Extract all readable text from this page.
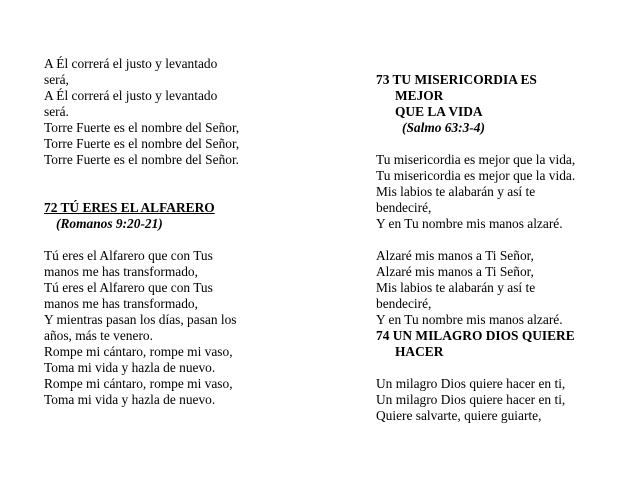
A Él correrá el justo y levantado
será,
A Él correrá el justo y levantado
será.
Torre Fuerte es el nombre del Señor,
Torre Fuerte es el nombre del Señor,
Torre Fuerte es el nombre del Señor.
72 TÚ ERES EL ALFARERO
(Romanos 9:20-21)
Tú eres el Alfarero que con Tus
manos me has transformado,
Tú eres el Alfarero que con Tus
manos me has transformado,
Y mientras pasan los días, pasan los
años, más te venero.
Rompe mi cántaro, rompe mi vaso,
Toma mi vida y hazla de nuevo.
Rompe mi cántaro, rompe mi vaso,
Toma mi vida y hazla de nuevo.
73 TU MISERICORDIA ES
MEJOR
QUE LA VIDA
(Salmo 63:3-4)
Tu misericordia es mejor que la vida,
Tu misericordia es mejor que la vida.
Mis labios te alabarán y así te
bendeciré,
Y en Tu nombre mis manos alzaré.
Alzaré mis manos a Ti Señor,
Alzaré mis manos a Ti Señor,
Mis labios te alabarán y así te
bendeciré,
Y en Tu nombre mis manos alzaré.
74 UN MILAGRO DIOS QUIERE
HACER
Un milagro Dios quiere hacer en ti,
Un milagro Dios quiere hacer en ti,
Quiere salvarte, quiere guiarte,
